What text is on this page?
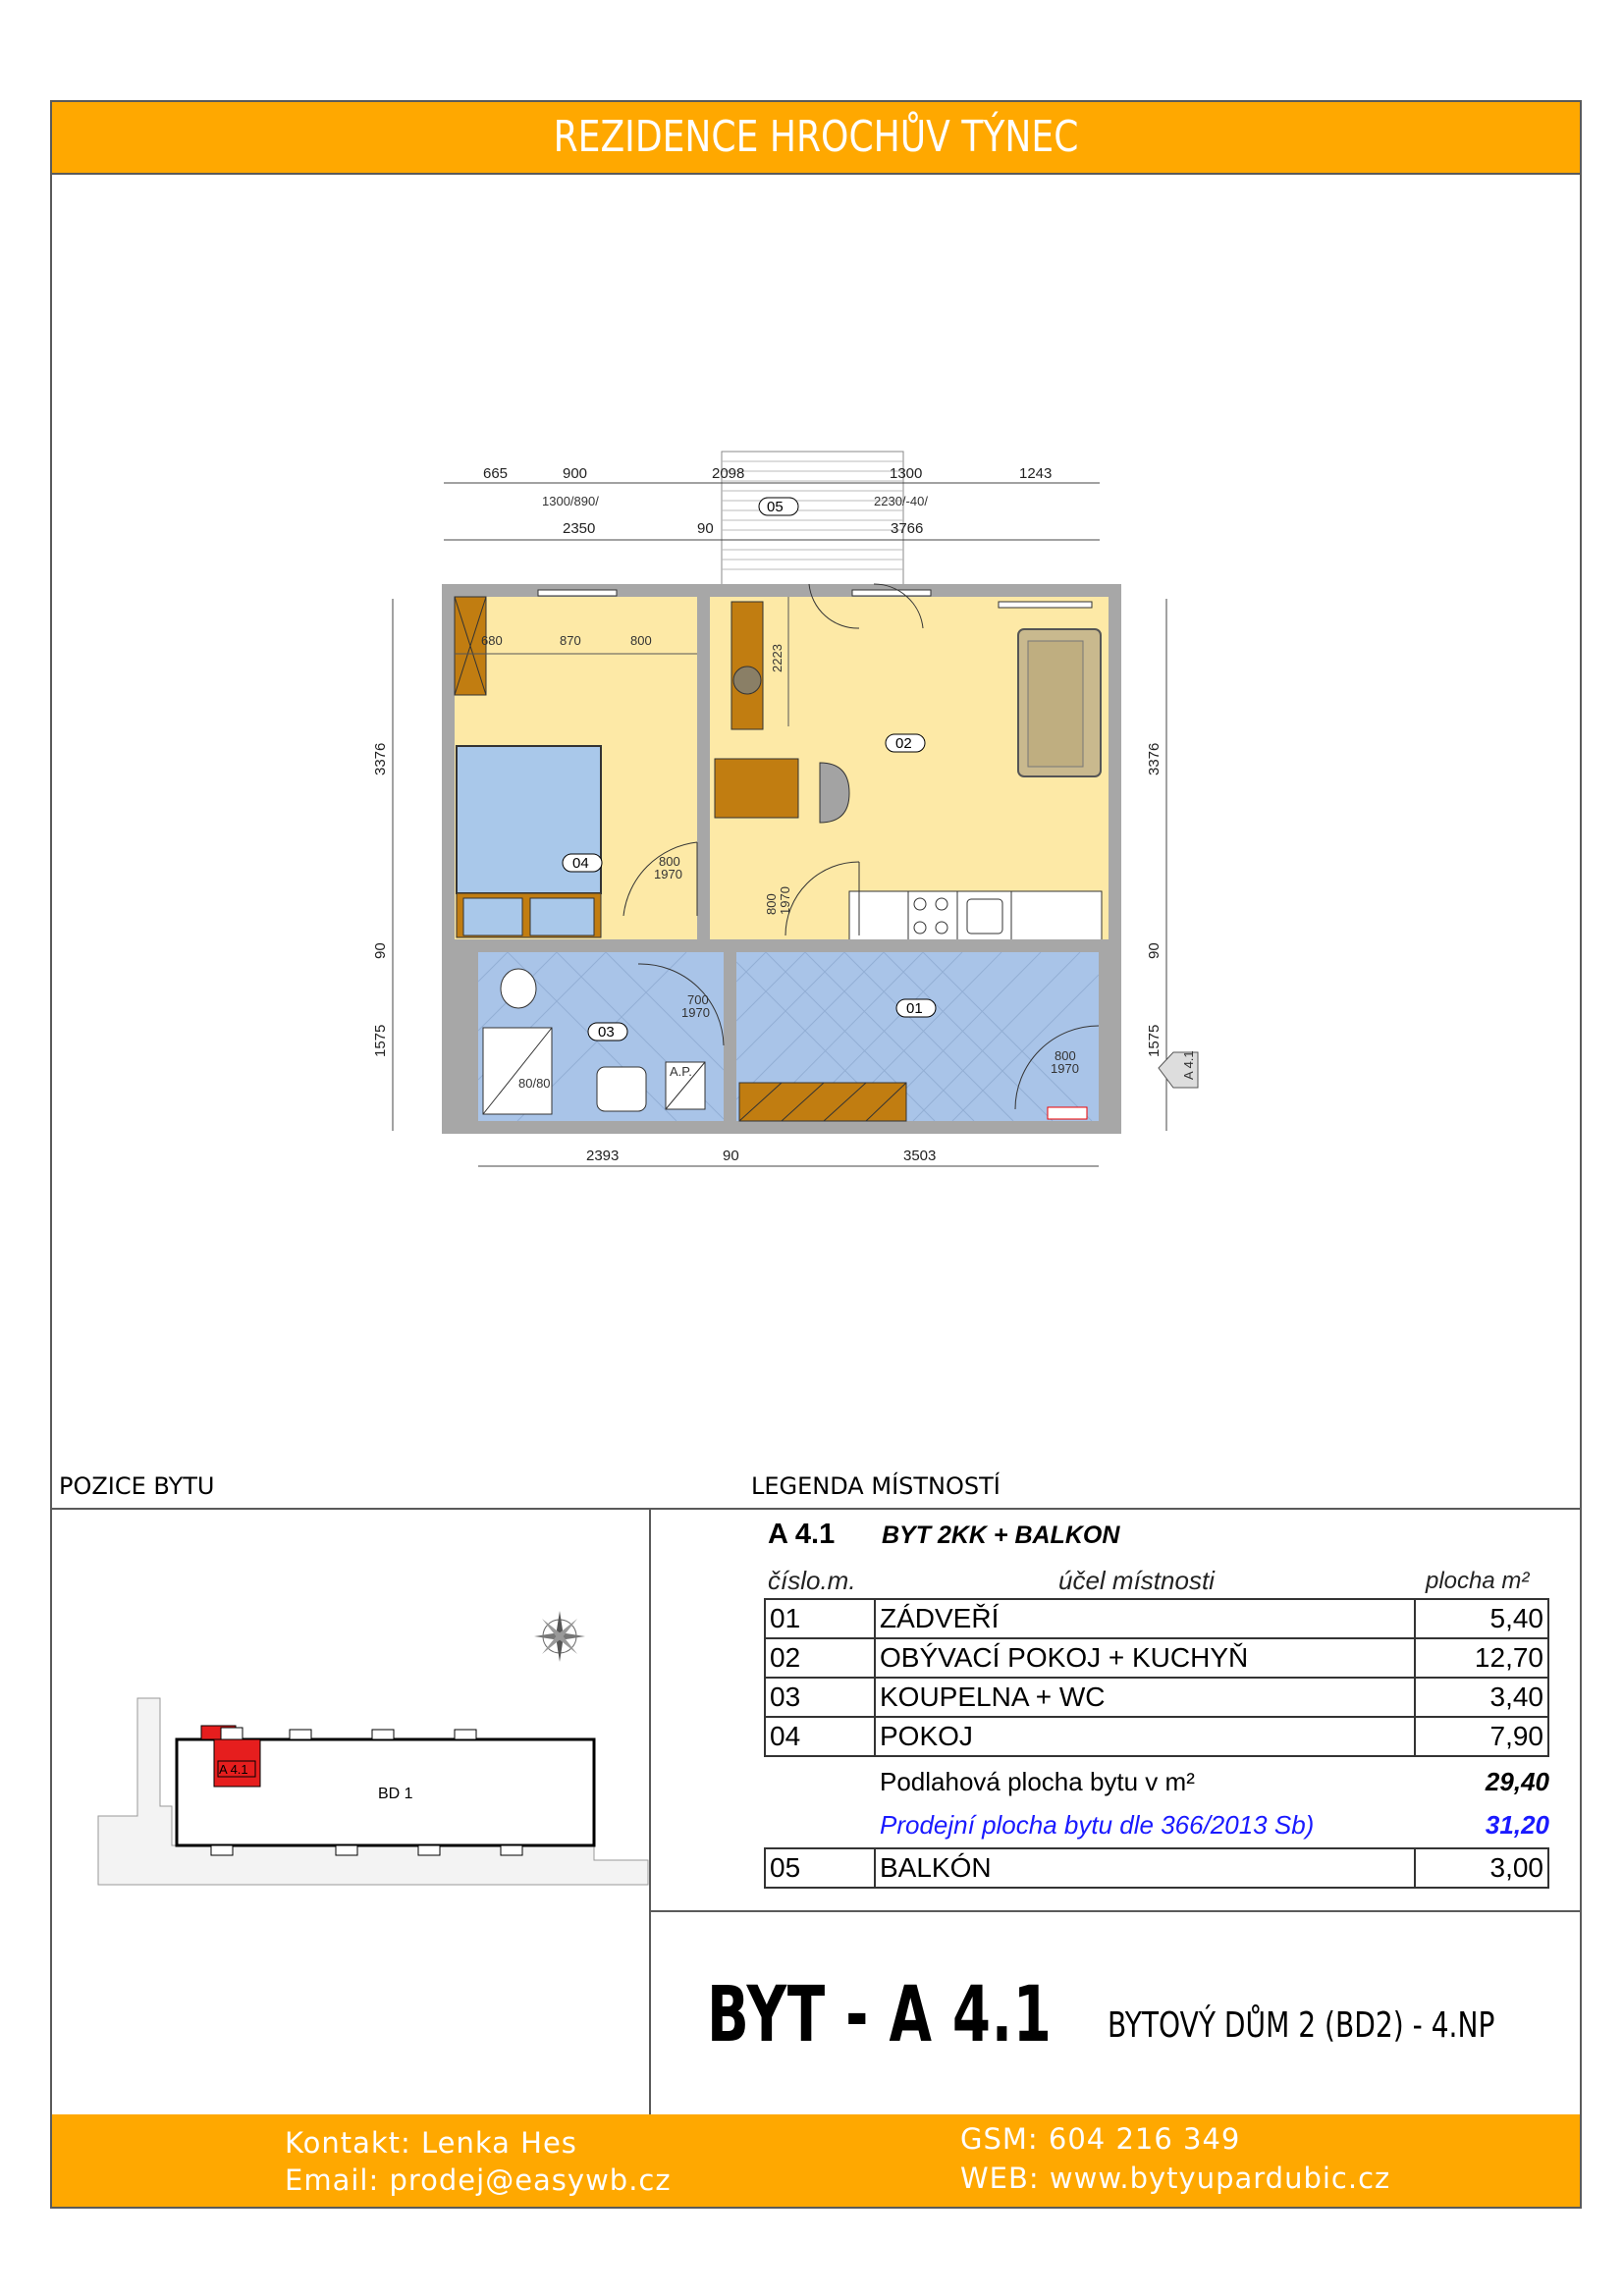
REZIDENCE HROCHŮV TÝNEC
665	900	2098	1300	1243
1300/890/	2230/-40/
2350	90	3766
05
680	870	800
04
2223
02
800
1970
800 1970
700
1970
800
1970
80/80
A.P.
03
01
3376
90
1575
3376
90
1575
A 4.1
2393	90	3503
POZICE BYTU	LEGENDA MÍSTNOSTÍ
A 4.1
BD 1
A 4.1 BYT 2KK + BALKON
číslo.m.	účel místnosti	plocha m²
01	ZÁDVEŘÍ	5,40
02	OBÝVACÍ POKOJ + KUCHYŇ	12,70
03	KOUPELNA + WC	3,40
04	POKOJ	7,90
Podlahová plocha bytu v m²	29,40
Prodejní plocha bytu dle 366/2013 Sb)	31,20
05	BALKÓN	3,00
BYT - A 4.1 BYTOVÝ DŮM 2 (BD2) - 4.NP
Kontakt: Lenka Hes
Email: prodej@easywb.cz
GSM: 604 216 349
WEB: www.bytyupardubic.cz
